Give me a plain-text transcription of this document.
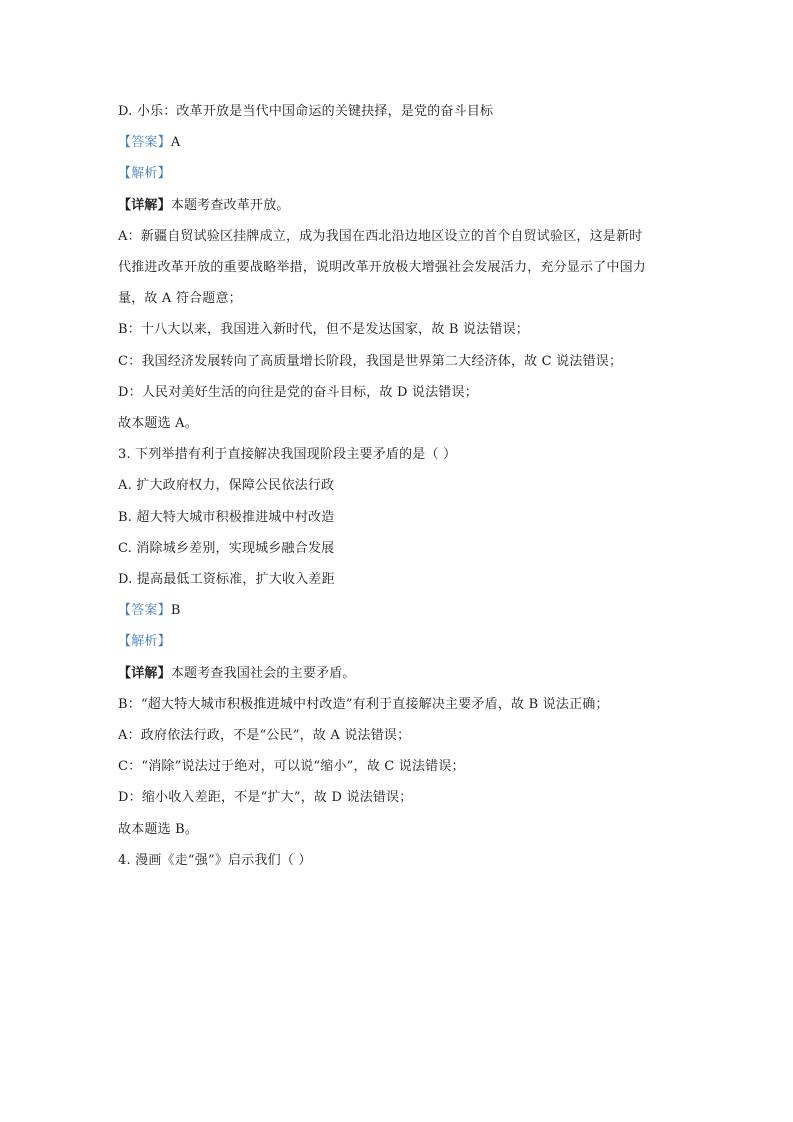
D. 小乐：改革开放是当代中国命运的关键抉择，是党的奋斗目标
【答案】A
【解析】
【详解】本题考查改革开放。
A：新疆自贸试验区挂牌成立，成为我国在西北沿边地区设立的首个自贸试验区，这是新时
代推进改革开放的重要战略举措，说明改革开放极大增强社会发展活力，充分显示了中国力
量，故 A 符合题意；
B：十八大以来，我国进入新时代，但不是发达国家，故 B 说法错误；
C：我国经济发展转向了高质量增长阶段，我国是世界第二大经济体，故 C 说法错误；
D：人民对美好生活的向往是党的奋斗目标，故 D 说法错误；
故本题选 A。
3. 下列举措有利于直接解决我国现阶段主要矛盾的是（ ）
A. 扩大政府权力，保障公民依法行政
B. 超大特大城市积极推进城中村改造
C. 消除城乡差别，实现城乡融合发展
D. 提高最低工资标准，扩大收入差距
【答案】B
【解析】
【详解】本题考查我国社会的主要矛盾。
B：“超大特大城市积极推进城中村改造”有利于直接解决主要矛盾，故 B 说法正确；
A：政府依法行政，不是“公民”，故 A 说法错误；
C：“消除”说法过于绝对，可以说“缩小”，故 C 说法错误；
D：缩小收入差距，不是“扩大”，故 D 说法错误；
故本题选 B。
4. 漫画《走“强”》启示我们（ ）
